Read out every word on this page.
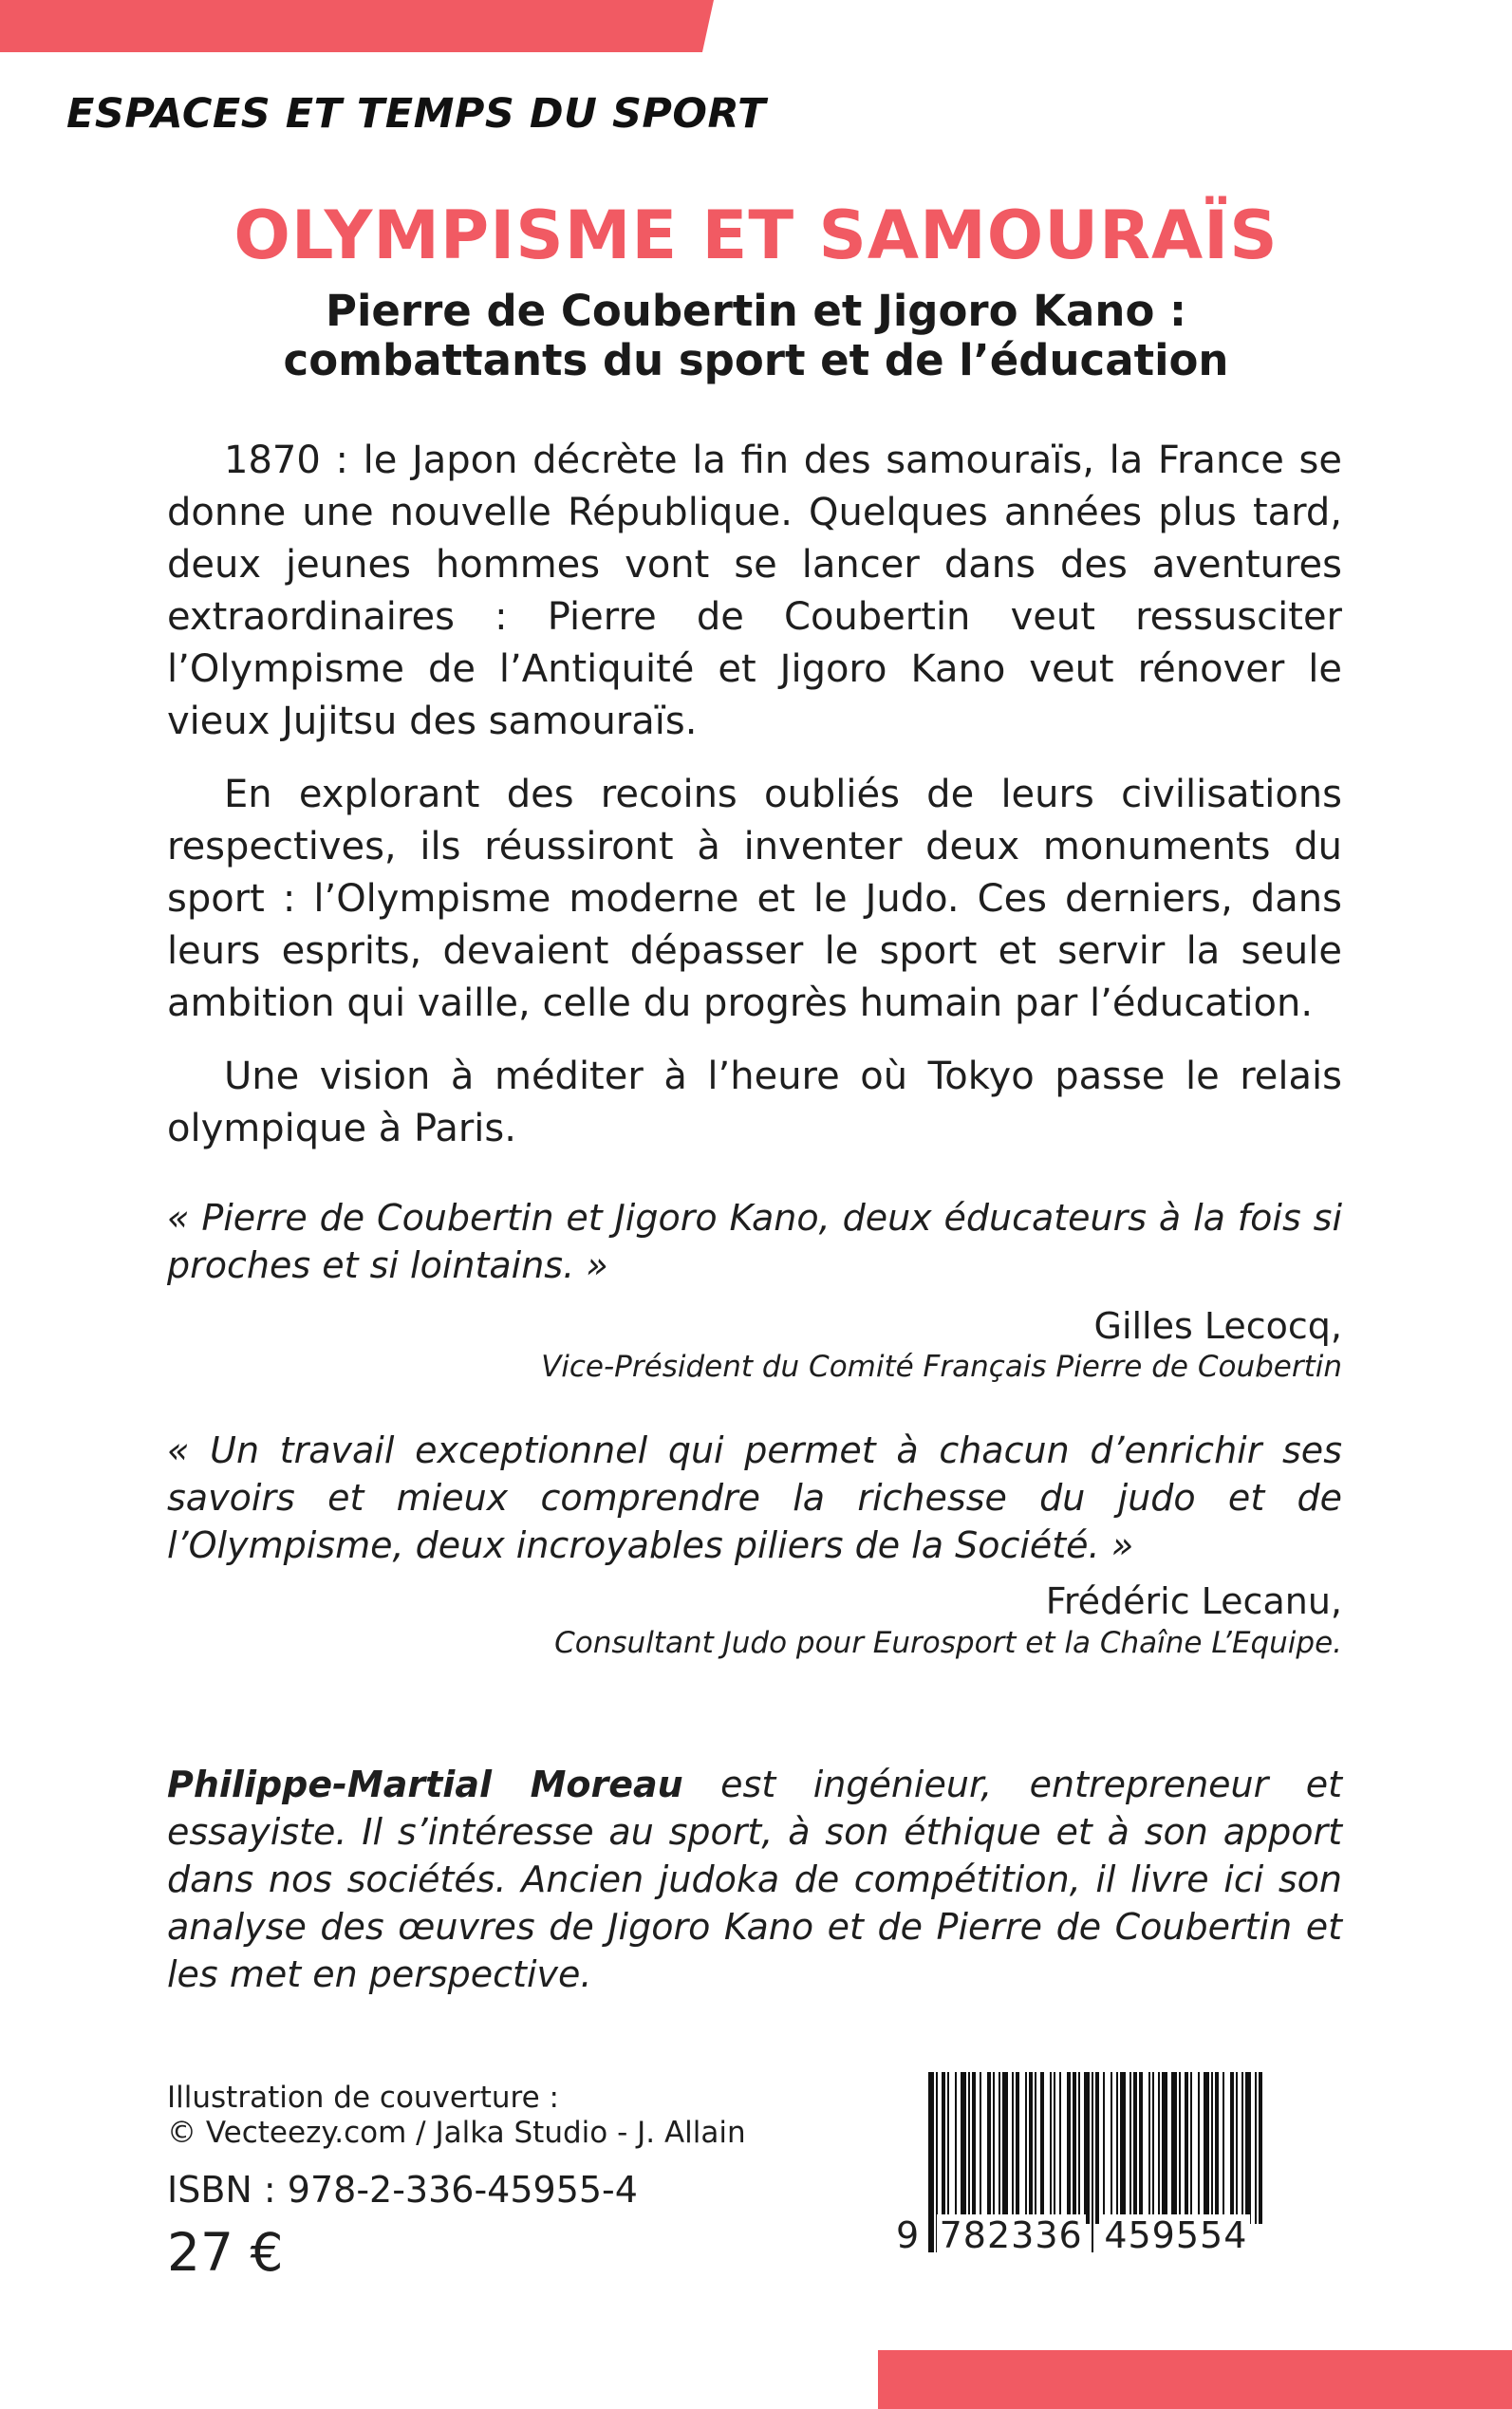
ESPACES ET TEMPS DU SPORT
OLYMPISME ET SAMOURAÏS
Pierre de Coubertin et Jigoro Kano :
combattants du sport et de l’éducation

1870 : le Japon décrète la fin des samouraïs, la France se donne une nouvelle République. Quelques années plus tard, deux jeunes hommes vont se lancer dans des aventures extraordinaires : Pierre de Coubertin veut ressusciter l’Olympisme de l’Antiquité et Jigoro Kano veut rénover le vieux Jujitsu des samouraïs.

En explorant des recoins oubliés de leurs civilisations respectives, ils réussiront à inventer deux monuments du sport : l’Olympisme moderne et le Judo. Ces derniers, dans leurs esprits, devaient dépasser le sport et servir la seule ambition qui vaille, celle du progrès humain par l’éducation.

Une vision à méditer à l’heure où Tokyo passe le relais olympique à Paris.

« Pierre de Coubertin et Jigoro Kano, deux éducateurs à la fois si proches et si lointains. »
Gilles Lecocq,
Vice-Président du Comité Français Pierre de Coubertin
« Un travail exceptionnel qui permet à chacun d’enrichir ses savoirs et mieux comprendre la richesse du judo et de l’Olympisme, deux incroyables piliers de la Société. »
Frédéric Lecanu,
Consultant Judo pour Eurosport et la Chaîne L’Equipe.
Philippe-Martial Moreau est ingénieur, entrepreneur et essayiste. Il s’intéresse au sport, à son éthique et à son apport dans nos sociétés. Ancien judoka de compétition, il livre ici son analyse des œuvres de Jigoro Kano et de Pierre de Coubertin et les met en perspective.
Illustration de couverture :
© Vecteezy.com / Jalka Studio - J. Allain
ISBN : 978-2-336-45955-4
27 €	9 782336 459554
